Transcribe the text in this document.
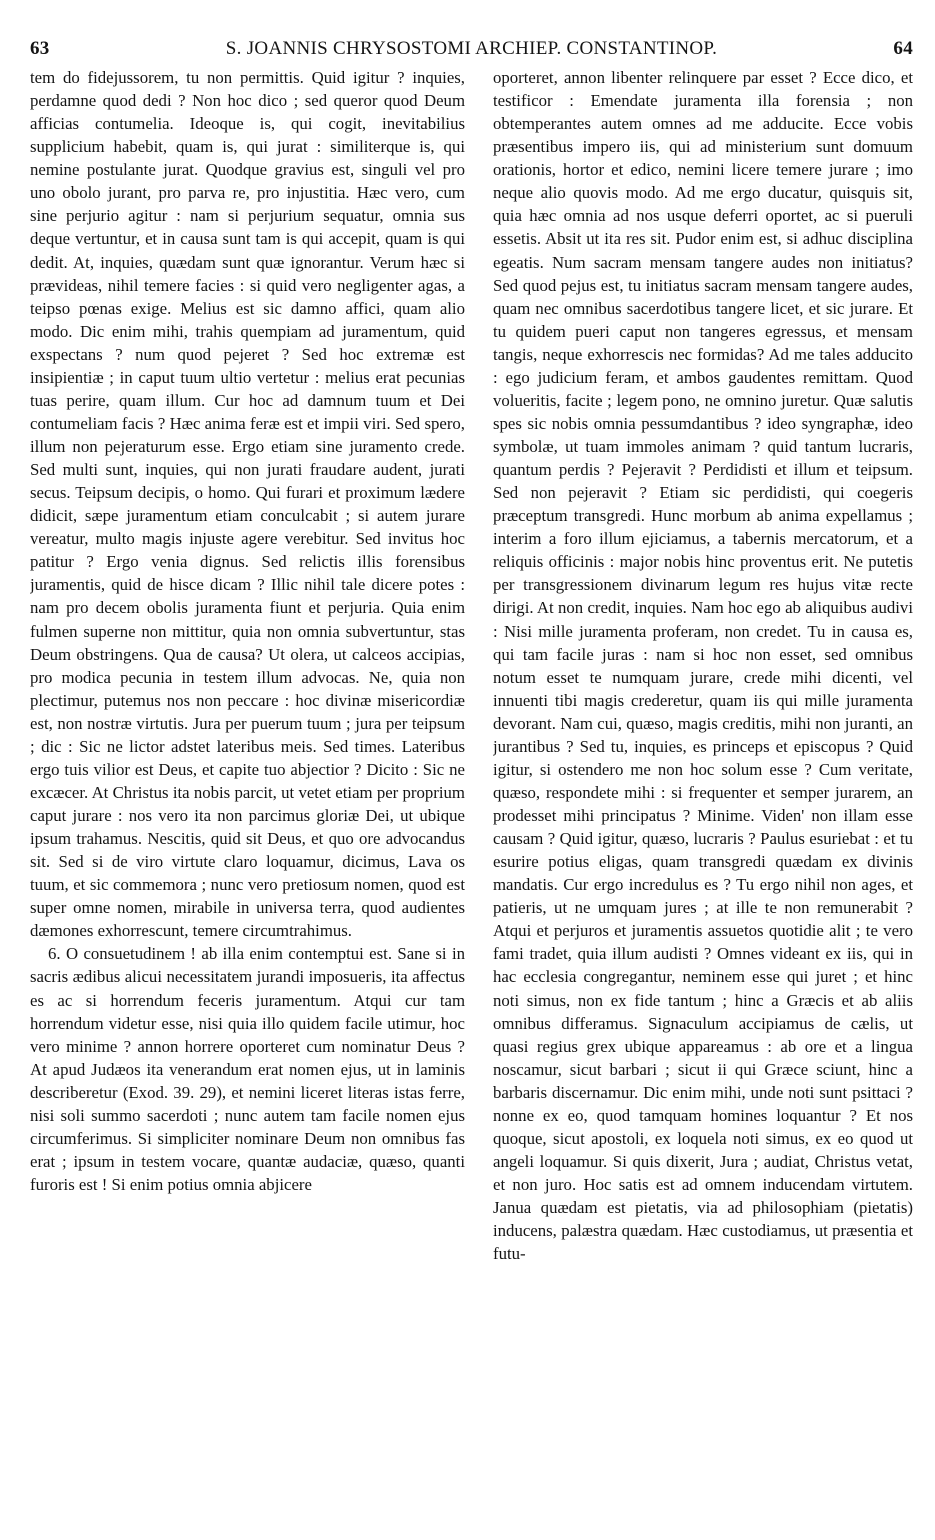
63	S. JOANNIS CHRYSOSTOMI ARCHIEP. CONSTANTINOP.	64

tem do fidejussorem, tu non permittis. Quid igitur ? inquies, perdamne quod dedi ? Non hoc dico ; sed queror quod Deum afficias contumelia. Ideoque is, qui cogit, inevitabilius supplicium habebit, quam is, qui jurat : similiterque is, qui nemine postulante jurat. Quodque gravius est, singuli vel pro uno obolo jurant, pro parva re, pro injustitia. Hæc vero, cum sine perjurio agitur : nam si perjurium sequatur, omnia sus deque vertuntur, et in causa sunt tam is qui accepit, quam is qui dedit. At, inquies, quædam sunt quæ ignorantur. Verum hæc si prævideas, nihil temere facies : si quid vero negligenter agas, a teipso pœnas exige. Melius est sic damno affici, quam alio modo. Dic enim mihi, trahis quempiam ad juramentum, quid exspectans ? num quod pejeret ? Sed hoc extremæ est insipientiæ ; in caput tuum ultio vertetur : melius erat pecunias tuas perire, quam illum. Cur hoc ad damnum tuum et Dei contumeliam facis ? Hæc anima feræ est et impii viri. Sed spero, illum non pejeraturum esse. Ergo etiam sine juramento crede. Sed multi sunt, inquies, qui non jurati fraudare audent, jurati secus. Teipsum decipis, o homo. Qui furari et proximum lædere didicit, sæpe juramentum etiam conculcabit ; si autem jurare vereatur, multo magis injuste agere verebitur. Sed invitus hoc patitur ? Ergo venia dignus. Sed relictis illis forensibus juramentis, quid de hisce dicam ? Illic nihil tale dicere potes : nam pro decem obolis juramenta fiunt et perjuria. Quia enim fulmen superne non mittitur, quia non omnia subvertuntur, stas Deum obstringens. Qua de causa? Ut olera, ut calceos accipias, pro modica pecunia in testem illum advocas. Ne, quia non plectimur, putemus nos non peccare : hoc divinæ misericordiæ est, non nostræ virtutis. Jura per puerum tuum ; jura per teipsum ; dic : Sic ne lictor adstet lateribus meis. Sed times. Lateribus ergo tuis vilior est Deus, et capite tuo abjectior ? Dicito : Sic ne excæcer. At Christus ita nobis parcit, ut vetet etiam per proprium caput jurare : nos vero ita non parcimus gloriæ Dei, ut ubique ipsum trahamus. Nescitis, quid sit Deus, et quo ore advocandus sit. Sed si de viro virtute claro loquamur, dicimus, Lava os tuum, et sic commemora ; nunc vero pretiosum nomen, quod est super omne nomen, mirabile in universa terra, quod audientes dæmones exhorrescunt, temere circumtrahimus.

6. O consuetudinem ! ab illa enim contemptui est. Sane si in sacris ædibus alicui necessitatem jurandi imposueris, ita affectus es ac si horrendum feceris juramentum. Atqui cur tam horrendum videtur esse, nisi quia illo quidem facile utimur, hoc vero minime ? annon horrere oporteret cum nominatur Deus ? At apud Judæos ita venerandum erat nomen ejus, ut in laminis describeretur (Exod. 39. 29), et nemini liceret literas istas ferre, nisi soli summo sacerdoti ; nunc autem tam facile nomen ejus circumferimus. Si simpliciter nominare Deum non omnibus fas erat ; ipsum in testem vocare, quantæ audaciæ, quæso, quanti furoris est ! Si enim potius omnia abjicere

oporteret, annon libenter relinquere par esset ? Ecce dico, et testificor : Emendate juramenta illa forensia ; non obtemperantes autem omnes ad me adducite. Ecce vobis præsentibus impero iis, qui ad ministerium sunt domuum orationis, hortor et edico, nemini licere temere jurare ; imo neque alio quovis modo. Ad me ergo ducatur, quisquis sit, quia hæc omnia ad nos usque deferri oportet, ac si pueruli essetis. Absit ut ita res sit. Pudor enim est, si adhuc disciplina egeatis. Num sacram mensam tangere audes non initiatus? Sed quod pejus est, tu initiatus sacram mensam tangere audes, quam nec omnibus sacerdotibus tangere licet, et sic jurare. Et tu quidem pueri caput non tangeres egressus, et mensam tangis, neque exhorrescis nec formidas? Ad me tales adducito : ego judicium feram, et ambos gaudentes remittam. Quod volueritis, facite ; legem pono, ne omnino juretur. Quæ salutis spes sic nobis omnia pessumdantibus ? ideo syngraphæ, ideo symbolæ, ut tuam immoles animam ? quid tantum lucraris, quantum perdis ? Pejeravit ? Perdidisti et illum et teipsum. Sed non pejeravit ? Etiam sic perdidisti, qui coegeris præceptum transgredi. Hunc morbum ab anima expellamus ; interim a foro illum ejiciamus, a tabernis mercatorum, et a reliquis officinis : major nobis hinc proventus erit. Ne putetis per transgressionem divinarum legum res hujus vitæ recte dirigi. At non credit, inquies. Nam hoc ego ab aliquibus audivi : Nisi mille juramenta proferam, non credet. Tu in causa es, qui tam facile juras : nam si hoc non esset, sed omnibus notum esset te numquam jurare, crede mihi dicenti, vel innuenti tibi magis crederetur, quam iis qui mille juramenta devorant. Nam cui, quæso, magis creditis, mihi non juranti, an jurantibus ? Sed tu, inquies, es princeps et episcopus ? Quid igitur, si ostendero me non hoc solum esse ? Cum veritate, quæso, respondete mihi : si frequenter et semper jurarem, an prodesset mihi principatus ? Minime. Viden' non illam esse causam ? Quid igitur, quæso, lucraris ? Paulus esuriebat : et tu esurire potius eligas, quam transgredi quædam ex divinis mandatis. Cur ergo incredulus es ? Tu ergo nihil non ages, et patieris, ut ne umquam jures ; at ille te non remunerabit ? Atqui et perjuros et juramentis assuetos quotidie alit ; te vero fami tradet, quia illum audisti ? Omnes videant ex iis, qui in hac ecclesia congregantur, neminem esse qui juret ; et hinc noti simus, non ex fide tantum ; hinc a Græcis et ab aliis omnibus differamus. Signaculum accipiamus de cælis, ut quasi regius grex ubique appareamus : ab ore et a lingua noscamur, sicut barbari ; sicut ii qui Græce sciunt, hinc a barbaris discernamur. Dic enim mihi, unde noti sunt psittaci ? nonne ex eo, quod tamquam homines loquantur ? Et nos quoque, sicut apostoli, ex loquela noti simus, ex eo quod ut angeli loquamur. Si quis dixerit, Jura ; audiat, Christus vetat, et non juro. Hoc satis est ad omnem inducendam virtutem. Janua quædam est pietatis, via ad philosophiam (pietatis) inducens, palæstra quædam. Hæc custodiamus, ut præsentia et futu-
